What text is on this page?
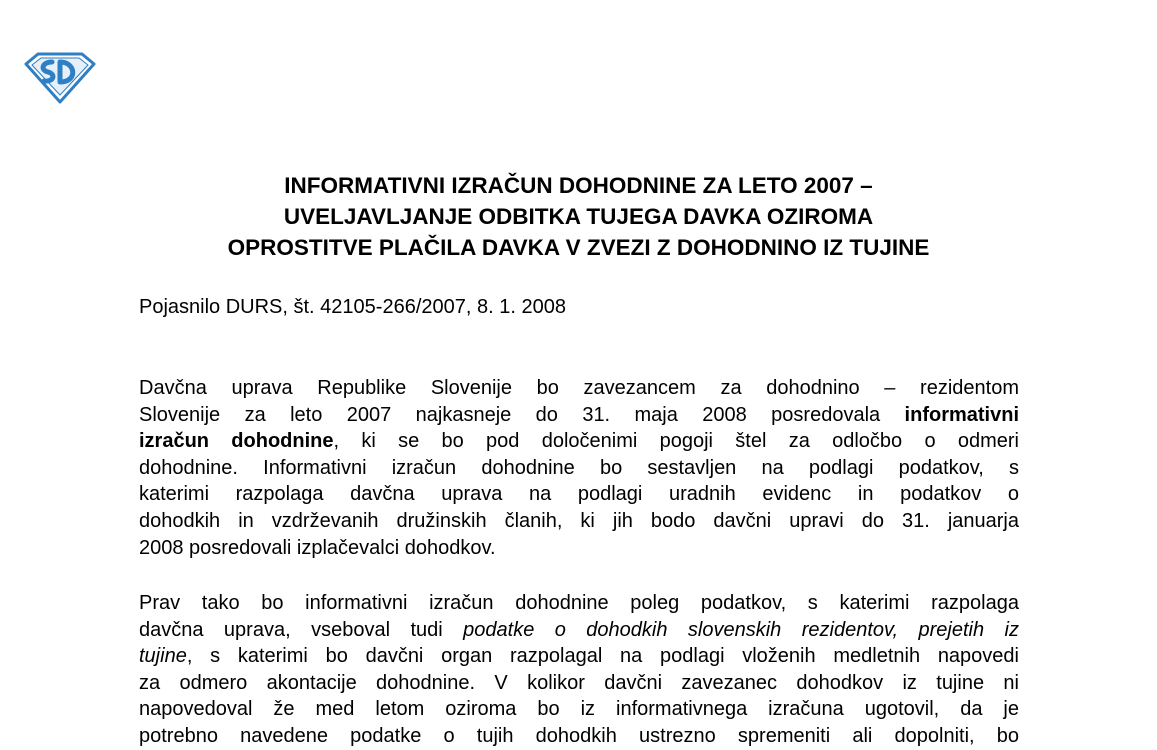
INFORMATIVNI IZRAČUN DOHODNINE ZA LETO 2007 –
UVELJAVLJANJE ODBITKA TUJEGA DAVKA OZIROMA
OPROSTITVE PLAČILA DAVKA V ZVEZI Z DOHODNINO IZ TUJINE
Pojasnilo DURS, št. 42105-266/2007, 8. 1. 2008
Davčna uprava Republike Slovenije bo zavezancem za dohodnino – rezidentom
Slovenije za leto 2007 najkasneje do 31. maja 2008 posredovala informativni
izračun dohodnine, ki se bo pod določenimi pogoji štel za odločbo o odmeri
dohodnine. Informativni izračun dohodnine bo sestavljen na podlagi podatkov, s
katerimi razpolaga davčna uprava na podlagi uradnih evidenc in podatkov o
dohodkih in vzdrževanih družinskih članih, ki jih bodo davčni upravi do 31. januarja
2008 posredovali izplačevalci dohodkov.
Prav tako bo informativni izračun dohodnine poleg podatkov, s katerimi razpolaga
davčna uprava, vseboval tudi podatke o dohodkih slovenskih rezidentov, prejetih iz
tujine, s katerimi bo davčni organ razpolagal na podlagi vloženih medletnih napovedi
za odmero akontacije dohodnine. V kolikor davčni zavezanec dohodkov iz tujine ni
napovedoval že med letom oziroma bo iz informativnega izračuna ugotovil, da je
potrebno navedene podatke o tujih dohodkih ustrezno spremeniti ali dopolniti, bo
